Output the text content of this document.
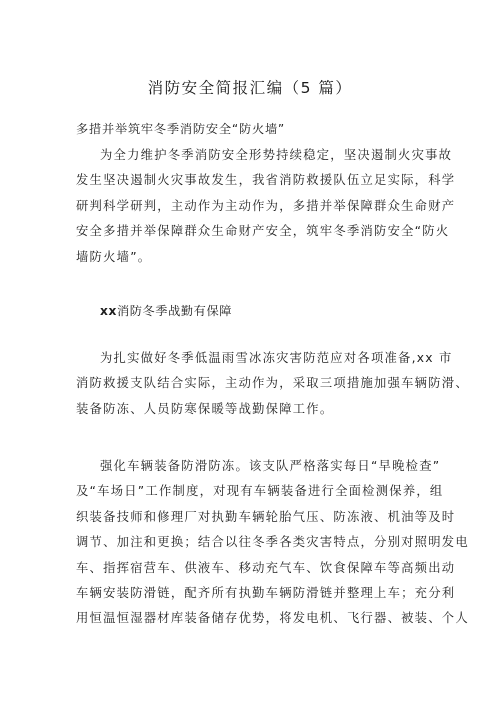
消防安全简报汇编（5 篇）
多措并举筑牢冬季消防安全“防火墙”
为全力维护冬季消防安全形势持续稳定，坚决遏制火灾事故
发生坚决遏制火灾事故发生，我省消防救援队伍立足实际，科学
研判科学研判，主动作为主动作为，多措并举保障群众生命财产
安全多措并举保障群众生命财产安全，筑牢冬季消防安全“防火
墙防火墙”。
xx消防冬季战勤有保障
为扎实做好冬季低温雨雪冰冻灾害防范应对各项准备,xx 市
消防救援支队结合实际，主动作为，采取三项措施加强车辆防滑、
装备防冻、人员防寒保暖等战勤保障工作。
强化车辆装备防滑防冻。该支队严格落实每日“早晚检查”
及“车场日”工作制度，对现有车辆装备进行全面检测保养，组
织装备技师和修理厂对执勤车辆轮胎气压、防冻液、机油等及时
调节、加注和更换；结合以往冬季各类灾害特点，分别对照明发电
车、指挥宿营车、供液车、移动充气车、饮食保障车等高频出动
车辆安装防滑链，配齐所有执勤车辆防滑链并整理上车；充分利
用恒温恒湿器材库装备储存优势，将发电机、飞行器、被装、个人
